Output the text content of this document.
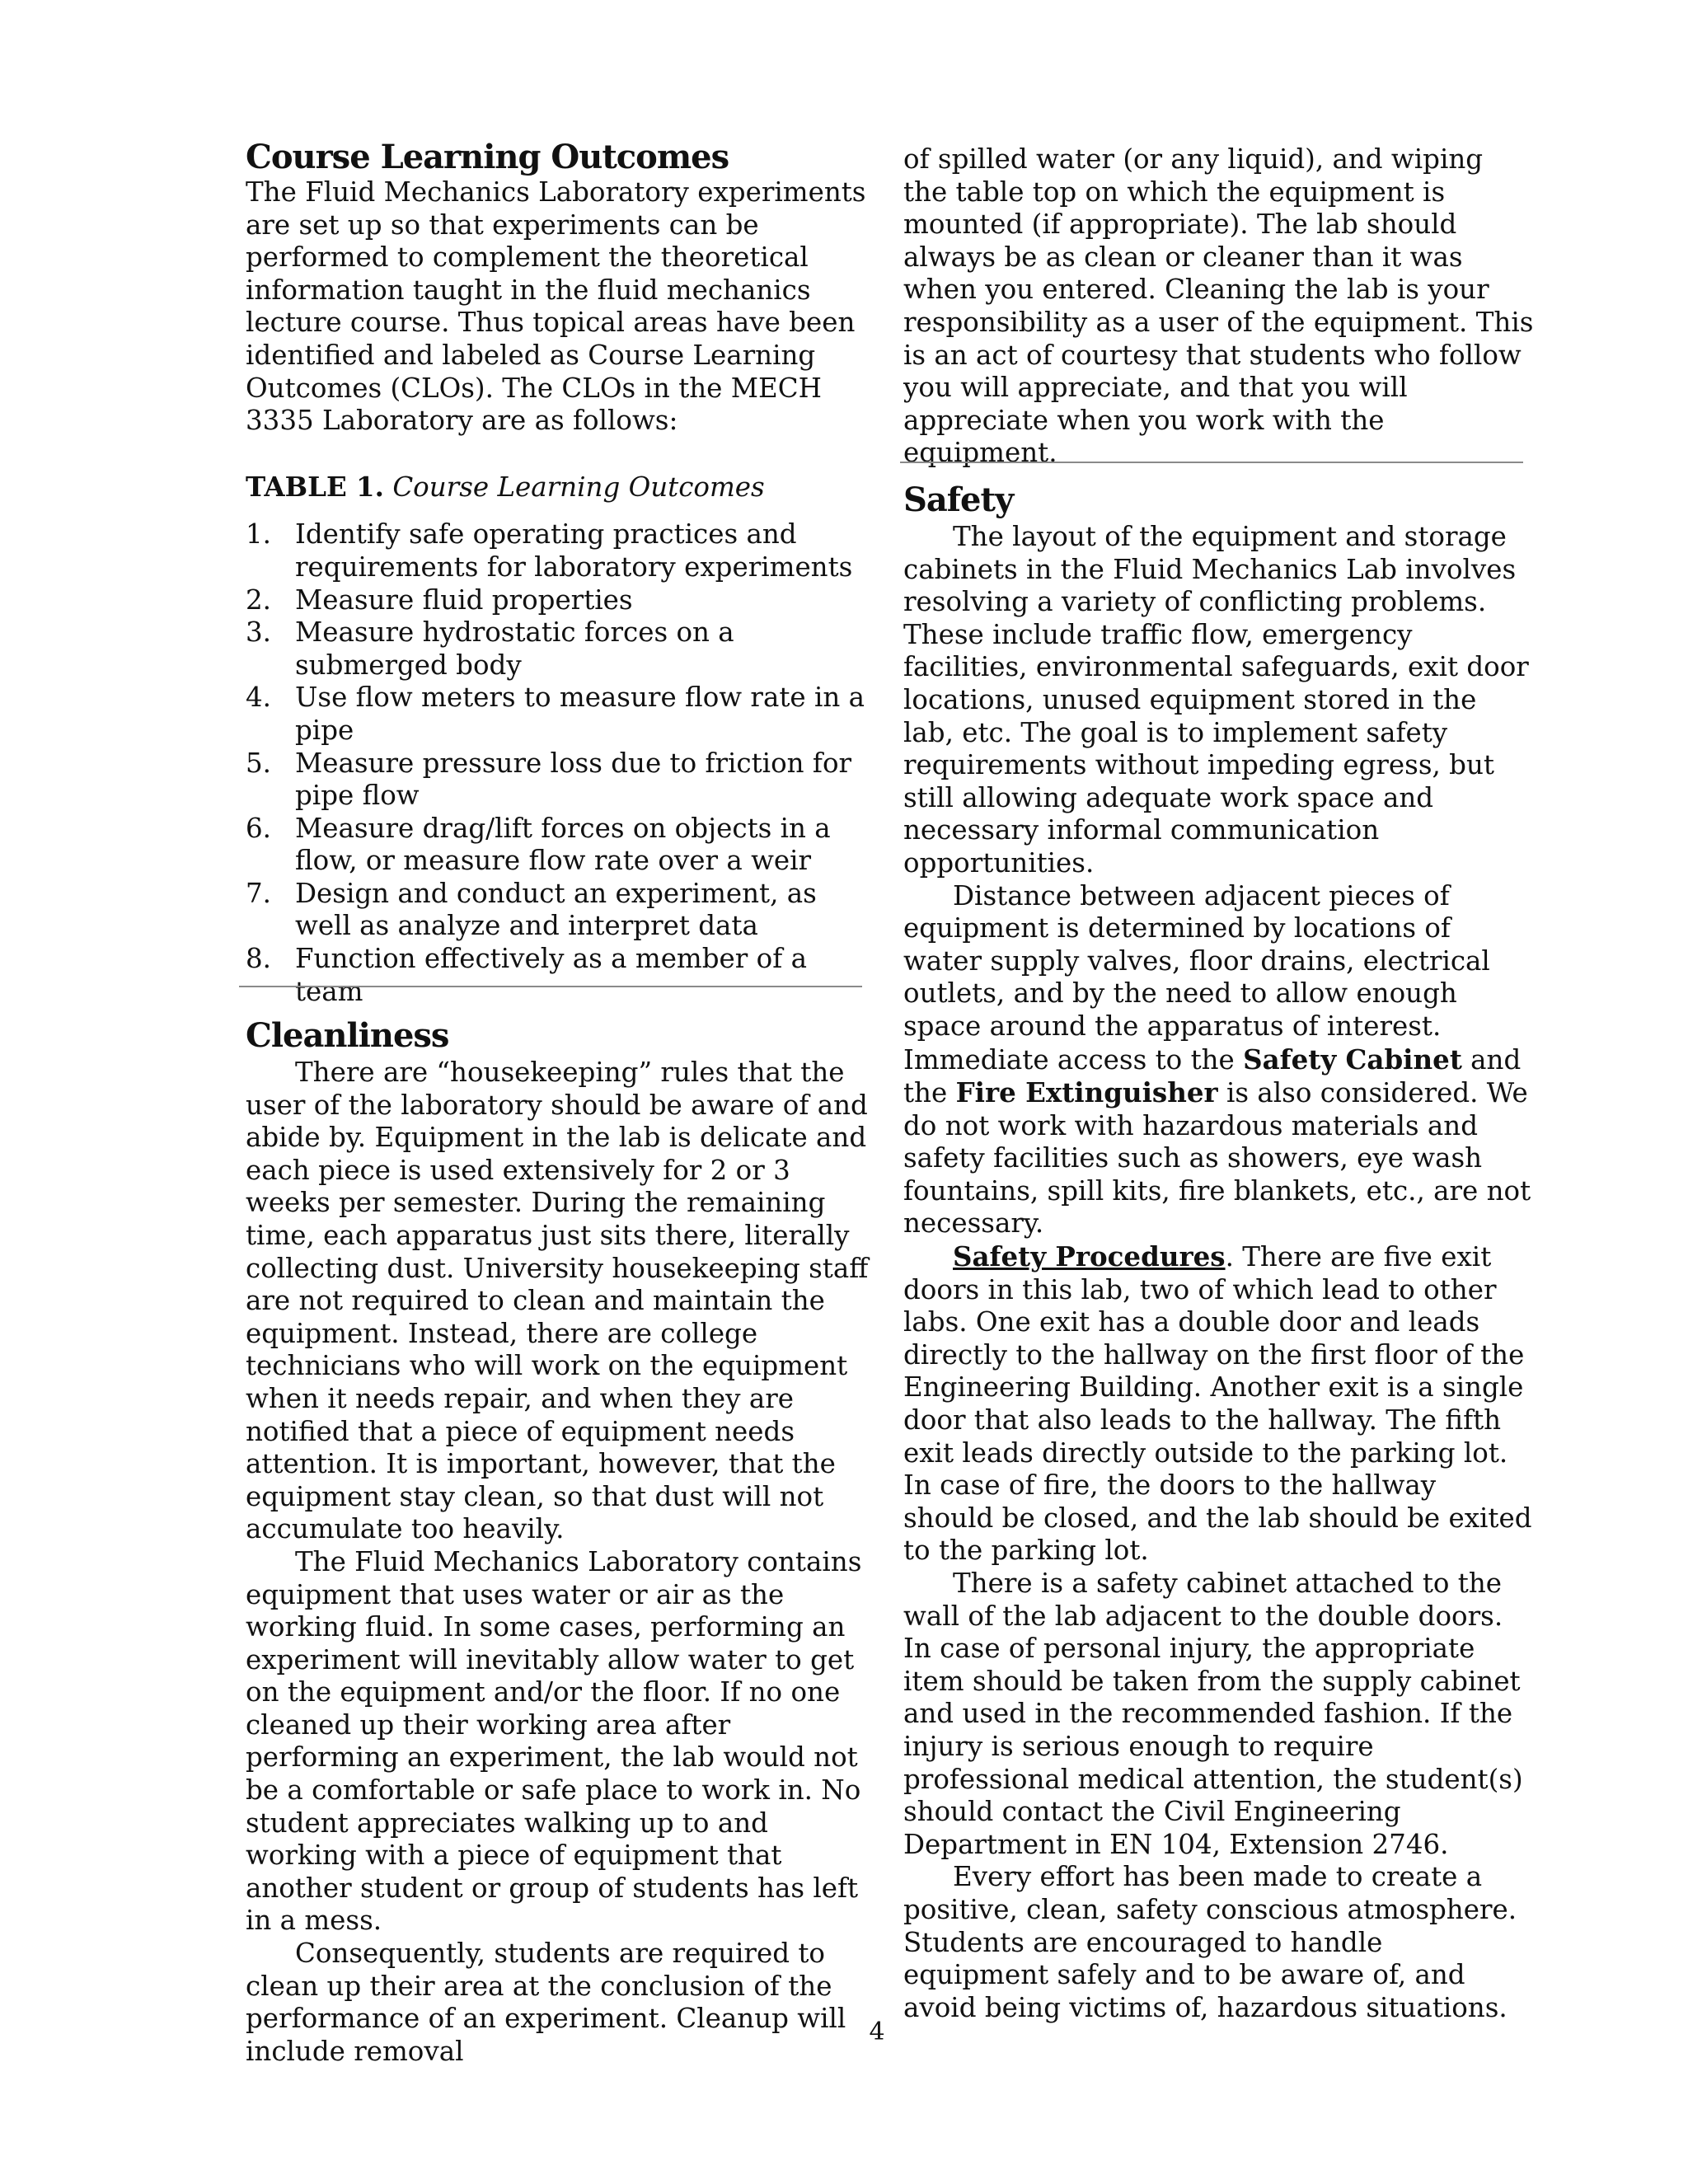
Course Learning Outcomes

The Fluid Mechanics Laboratory experiments are set up so that experiments can be performed to complement the theoretical information taught in the fluid mechanics lecture course. Thus topical areas have been identified and labeled as Course Learning Outcomes (CLOs). The CLOs in the MECH 3335 Laboratory are as follows:

TABLE 1. Course Learning Outcomes

1. Identify safe operating practices and requirements for laboratory experiments
2. Measure fluid properties
3. Measure hydrostatic forces on a submerged body
4. Use flow meters to measure flow rate in a pipe
5. Measure pressure loss due to friction for pipe flow
6. Measure drag/lift forces on objects in a flow, or measure flow rate over a weir
7. Design and conduct an experiment, as well as analyze and interpret data
8. Function effectively as a member of a team
Cleanliness

There are “housekeeping” rules that the user of the laboratory should be aware of and abide by. Equipment in the lab is delicate and each piece is used extensively for 2 or 3 weeks per semester. During the remaining time, each apparatus just sits there, literally collecting dust. University housekeeping staff are not required to clean and maintain the equipment. Instead, there are college technicians who will work on the equipment when it needs repair, and when they are notified that a piece of equipment needs attention. It is important, however, that the equipment stay clean, so that dust will not accumulate too heavily.

The Fluid Mechanics Laboratory contains equipment that uses water or air as the working fluid. In some cases, performing an experiment will inevitably allow water to get on the equipment and/or the floor. If no one cleaned up their working area after performing an experiment, the lab would not be a comfortable or safe place to work in. No student appreciates walking up to and working with a piece of equipment that another student or group of students has left in a mess.

Consequently, students are required to clean up their area at the conclusion of the performance of an experiment. Cleanup will include removal

of spilled water (or any liquid), and wiping the table top on which the equipment is mounted (if appropriate). The lab should always be as clean or cleaner than it was when you entered. Cleaning the lab is your responsibility as a user of the equipment. This is an act of courtesy that students who follow you will appreciate, and that you will appreciate when you work with the equipment.

Safety

The layout of the equipment and storage cabinets in the Fluid Mechanics Lab involves resolving a variety of conflicting problems. These include traffic flow, emergency facilities, environmental safeguards, exit door locations, unused equipment stored in the lab, etc. The goal is to implement safety requirements without impeding egress, but still allowing adequate work space and necessary informal communication opportunities.

Distance between adjacent pieces of equipment is determined by locations of water supply valves, floor drains, electrical outlets, and by the need to allow enough space around the apparatus of interest. Immediate access to the Safety Cabinet and the Fire Extinguisher is also considered. We do not work with hazardous materials and safety facilities such as showers, eye wash fountains, spill kits, fire blankets, etc., are not necessary.

Safety Procedures. There are five exit doors in this lab, two of which lead to other labs. One exit has a double door and leads directly to the hallway on the first floor of the Engineering Building. Another exit is a single door that also leads to the hallway. The fifth exit leads directly outside to the parking lot. In case of fire, the doors to the hallway should be closed, and the lab should be exited to the parking lot.

There is a safety cabinet attached to the wall of the lab adjacent to the double doors. In case of personal injury, the appropriate item should be taken from the supply cabinet and used in the recommended fashion. If the injury is serious enough to require professional medical attention, the student(s) should contact the Civil Engineering Department in EN 104, Extension 2746.

Every effort has been made to create a positive, clean, safety conscious atmosphere. Students are encouraged to handle equipment safely and to be aware of, and avoid being victims of, hazardous situations.

4
